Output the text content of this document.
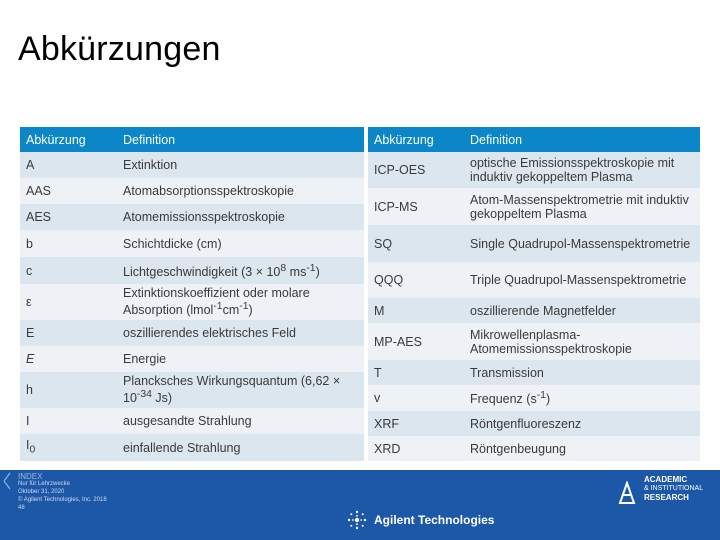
Abkürzungen
Abkürzung	Definition
A	Extinktion
AAS	Atomabsorptionsspektroskopie
AES	Atomemissionsspektroskopie
b	Schichtdicke (cm)
c	Lichtgeschwindigkeit ($3 \times 10^8$ $ms^{-1}$)
ε	Extinktionskoeffizient oder molare Absorption $(lmol^{-1}cm^{-1})$
E	oszillierendes elektrisches Feld
E	Energie
h	Plancksches Wirkungsquantum ($6,62 \times 10^{-34}$ Js)
I	ausgesandte Strahlung
$I_0$	einfallende Strahlung
Abkürzung	Definition
ICP-OES	optische Emissionsspektroskopie mit induktiv gekoppeltem Plasma
ICP-MS	Atom-Massenspektrometrie mit induktiv gekoppeltem Plasma
SQ	Single Quadrupol-Massenspektrometrie
QQQ	Triple Quadrupol-Massenspektrometrie
M	oszillierende Magnetfelder
MP-AES	Mikrowellenplasma-Atomemissionsspektroskopie
T	Transmission
v	Frequenz $(s^{-1})$
XRF	Röntgenfluoreszenz
XRD	Röntgenbeugung
INDEX
Nur für Lehrzwecke
Oktober 31, 2020
© Agilent Technologies, Inc. 2018
48
Agilent Technologies
ACADEMIC
& INSTITUTIONAL
RESEARCH
